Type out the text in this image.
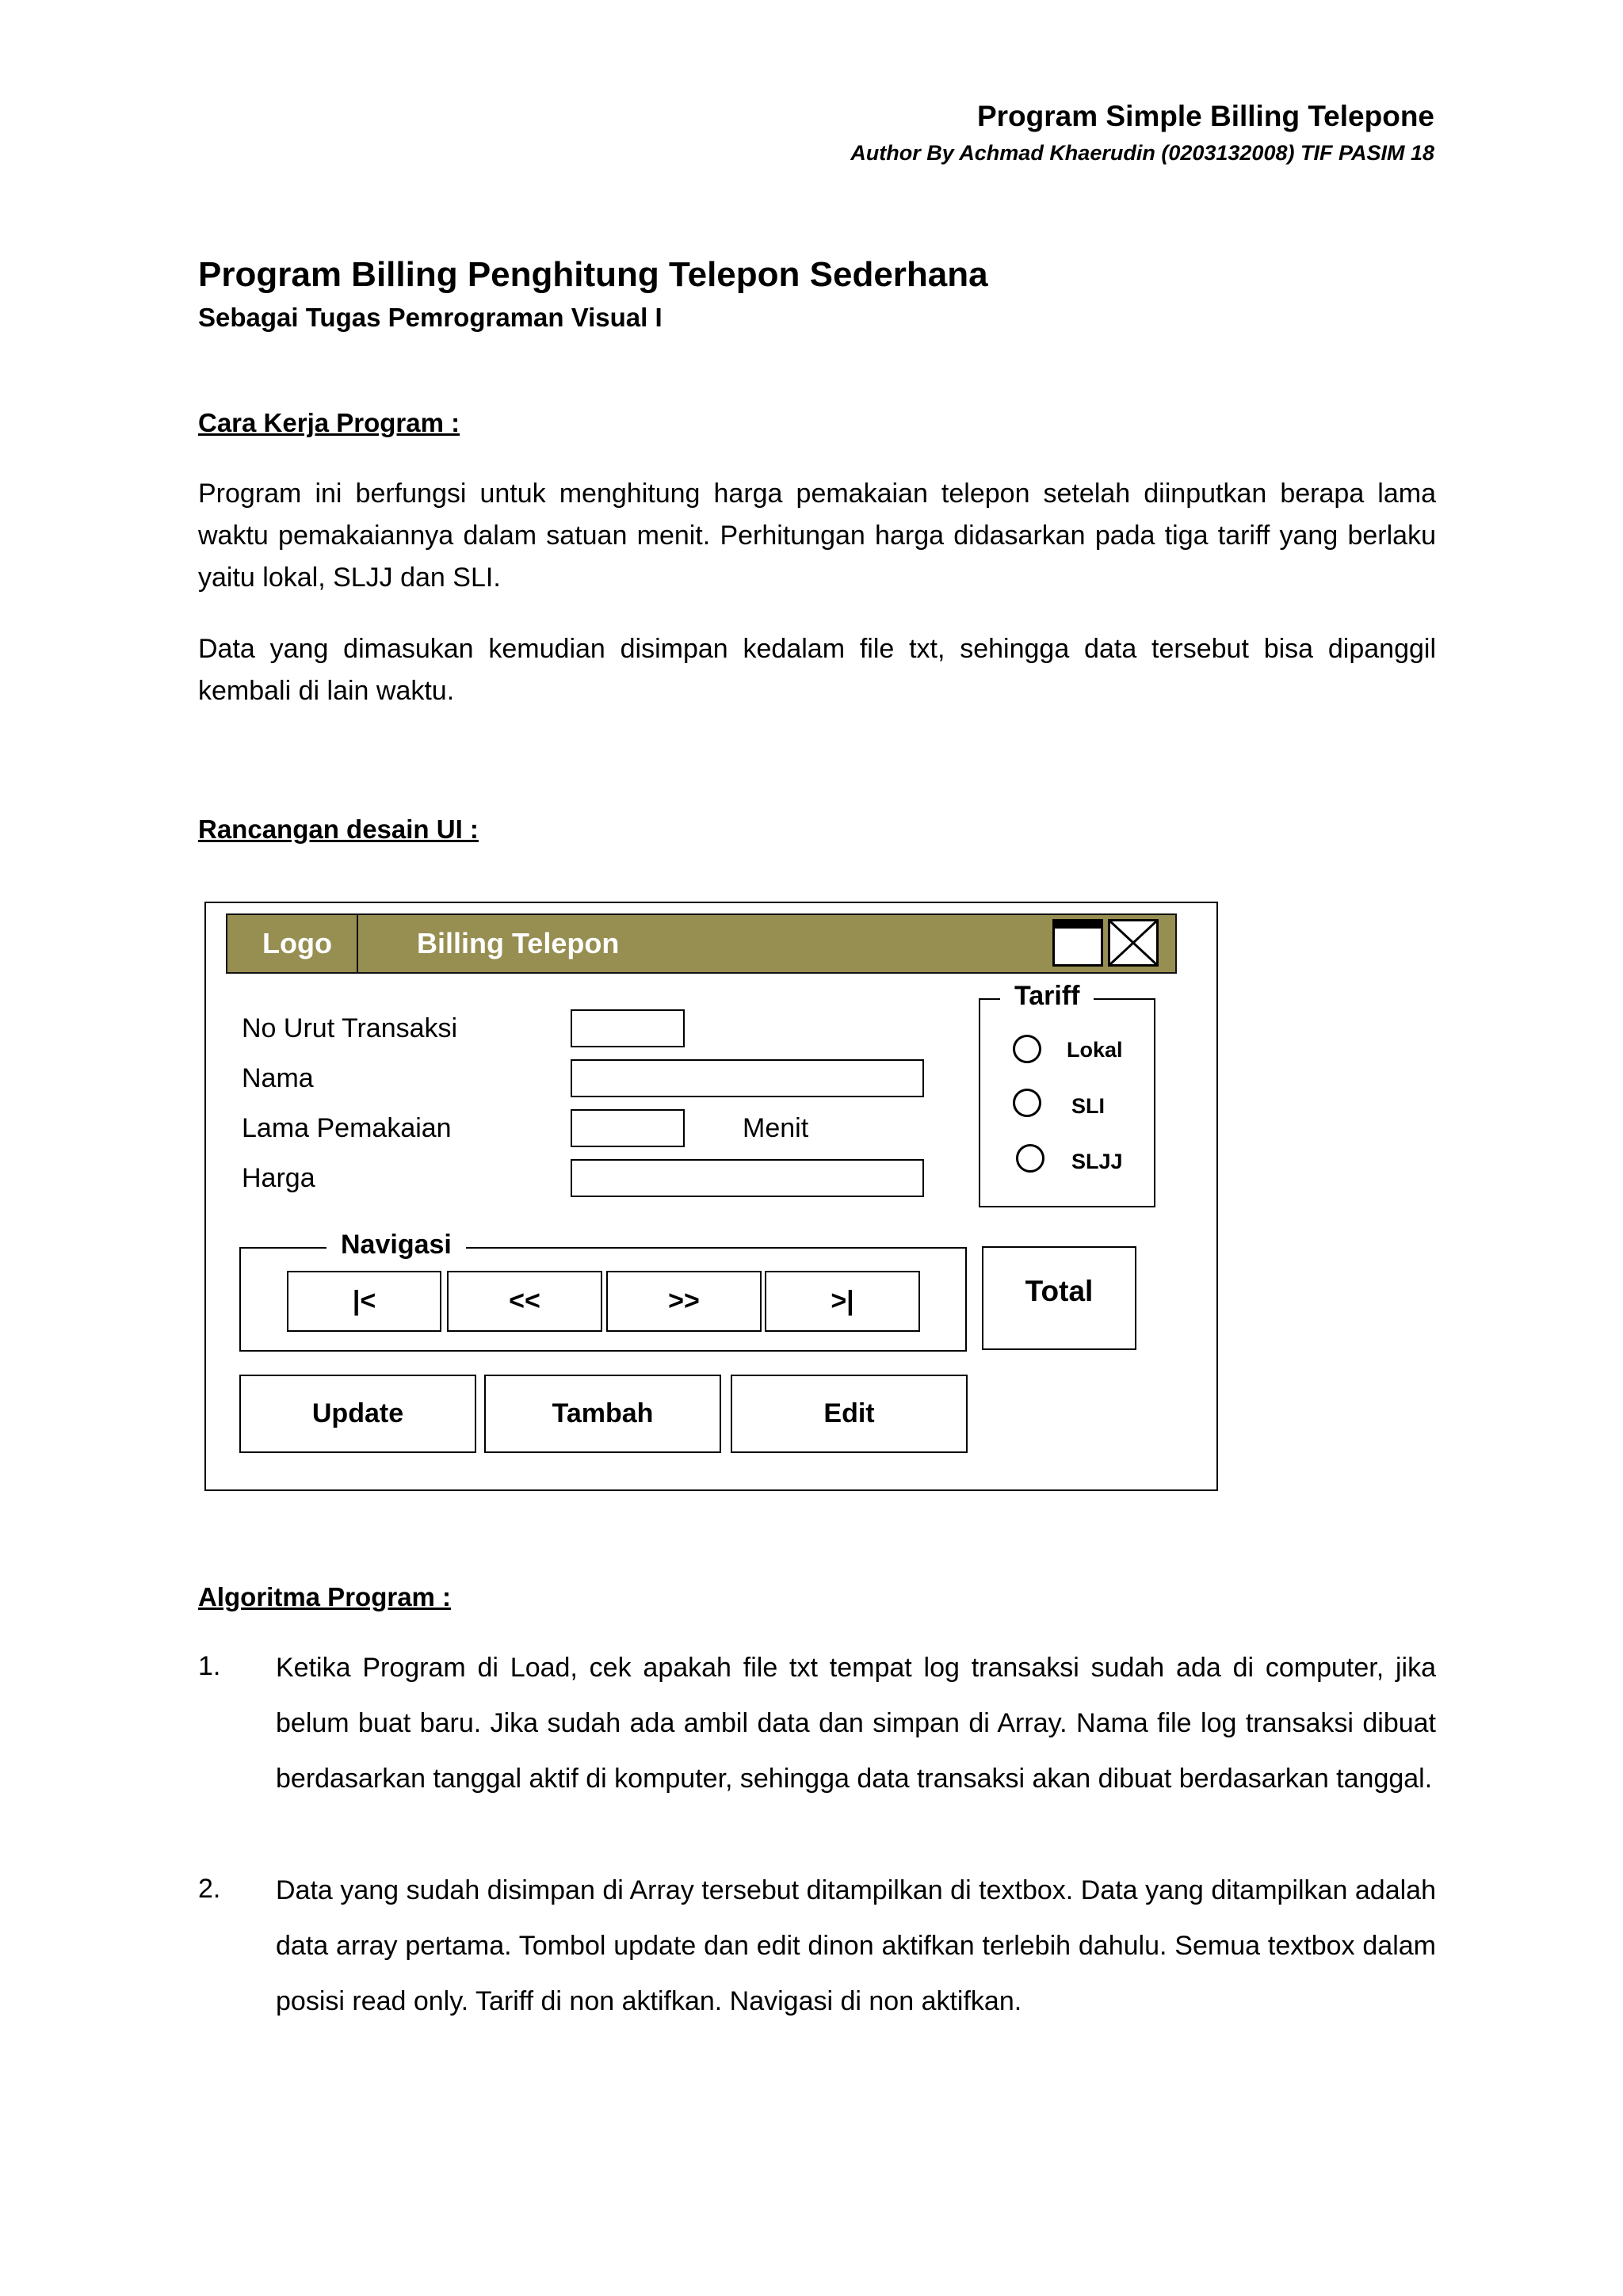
Program Simple Billing Telepone
Author By Achmad Khaerudin (0203132008) TIF PASIM 18
Program Billing Penghitung Telepon Sederhana
Sebagai Tugas Pemrograman Visual I
Cara Kerja Program :
Program ini berfungsi untuk menghitung harga pemakaian telepon setelah diinputkan berapa lama waktu pemakaiannya dalam satuan menit. Perhitungan harga didasarkan pada tiga tariff yang berlaku yaitu lokal, SLJJ dan SLI.
Data yang dimasukan kemudian disimpan kedalam file txt, sehingga data tersebut bisa dipanggil kembali di lain waktu.
Rancangan desain UI :
Logo	Billing Telepon
No Urut Transaksi
Nama
Lama Pemakaian	Menit
Harga
Tariff
Lokal
SLI
SLJJ
Navigasi
|<	<<	>>	>|	Total
Update	Tambah	Edit
Algoritma Program :
1. Ketika Program di Load, cek apakah file txt tempat log transaksi sudah ada di computer, jika belum buat baru. Jika sudah ada ambil data dan simpan di Array. Nama file log transaksi dibuat berdasarkan tanggal aktif di komputer, sehingga data transaksi akan dibuat berdasarkan tanggal.
2. Data yang sudah disimpan di Array tersebut ditampilkan di textbox. Data yang ditampilkan adalah data array pertama. Tombol update dan edit dinon aktifkan terlebih dahulu. Semua textbox dalam posisi read only. Tariff di non aktifkan. Navigasi di non aktifkan.
